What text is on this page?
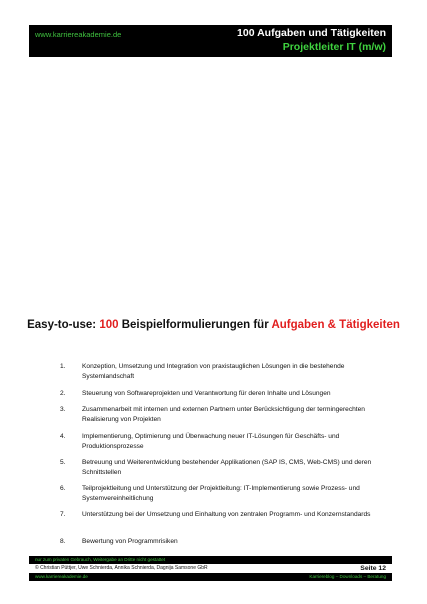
www.karriereakademie.de	100 Aufgaben und Tätigkeiten
Projektleiter IT (m/w)
Easy-to-use: 100 Beispielformulierungen für Aufgaben & Tätigkeiten
1.	Konzeption, Umsetzung und Integration von praxistauglichen Lösungen in die bestehende Systemlandschaft
2.	Steuerung von Softwareprojekten und Verantwortung für deren Inhalte und Lösungen
3.	Zusammenarbeit mit internen und externen Partnern unter Berücksichtigung der termingerechten Realisierung von Projekten
4.	Implementierung, Optimierung und Überwachung neuer IT-Lösungen für Geschäfts- und Produktionsprozesse
5.	Betreuung und Weiterentwicklung bestehender Applikationen (SAP IS, CMS, Web-CMS) und deren Schnittstellen
6.	Teilprojektleitung und Unterstützung der Projektleitung: IT-Implementierung sowie Prozess- und Systemvereinheitlichung
7.	Unterstützung bei der Umsetzung und Einhaltung von zentralen Programm- und Konzernstandards
8.	Bewertung von Programmrisiken
nur zum privaten Gebrauch, Weitergabe an Dritte nicht gestattet
© Christian Püttjer, Uwe Schnierda, Annika Schnierda, Dagnija Samsone GbR	Seite 12
www.karriereakademie.de	Karriereblog – Downloads – Beratung
